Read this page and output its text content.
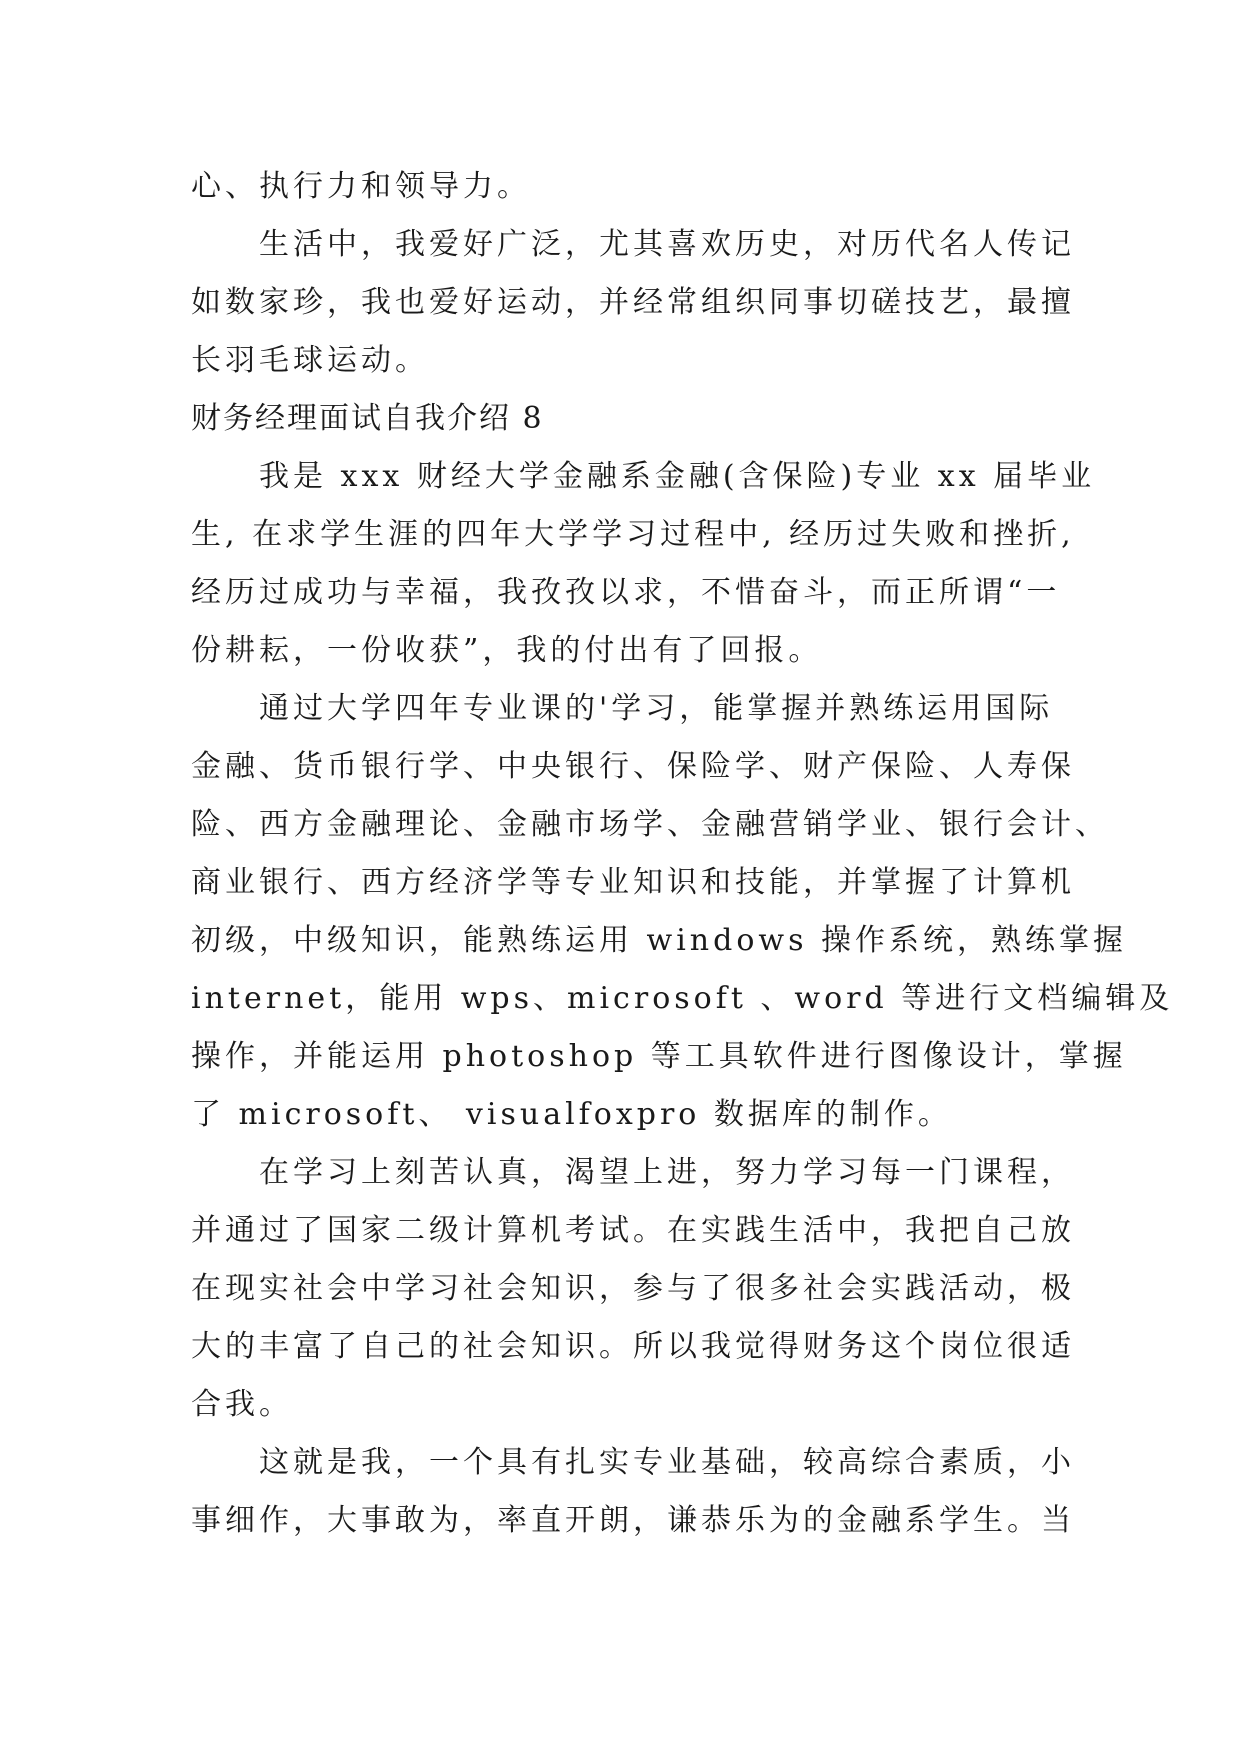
心、执行力和领导力。
生活中，我爱好广泛，尤其喜欢历史，对历代名人传记
如数家珍，我也爱好运动，并经常组织同事切磋技艺，最擅
长羽毛球运动。
财务经理面试自我介绍 8
我是 xxx 财经大学金融系金融(含保险)专业 xx 届毕业
生, 在求学生涯的四年大学学习过程中, 经历过失败和挫折,
经历过成功与幸福，我孜孜以求，不惜奋斗，而正所谓“一
份耕耘，一份收获”，我的付出有了回报。
通过大学四年专业课的'学习，能掌握并熟练运用国际
金融、货币银行学、中央银行、保险学、财产保险、人寿保
险、西方金融理论、金融市场学、金融营销学业、银行会计、
商业银行、西方经济学等专业知识和技能，并掌握了计算机
初级，中级知识，能熟练运用 windows 操作系统，熟练掌握
internet，能用 wps、microsoft 、word 等进行文档编辑及
操作，并能运用 photoshop 等工具软件进行图像设计，掌握
了 microsoft、 visualfoxpro 数据库的制作。
在学习上刻苦认真，渴望上进，努力学习每一门课程，
并通过了国家二级计算机考试。在实践生活中，我把自己放
在现实社会中学习社会知识，参与了很多社会实践活动，极
大的丰富了自己的社会知识。所以我觉得财务这个岗位很适
合我。
这就是我，一个具有扎实专业基础，较高综合素质，小
事细作，大事敢为，率直开朗，谦恭乐为的金融系学生。当
